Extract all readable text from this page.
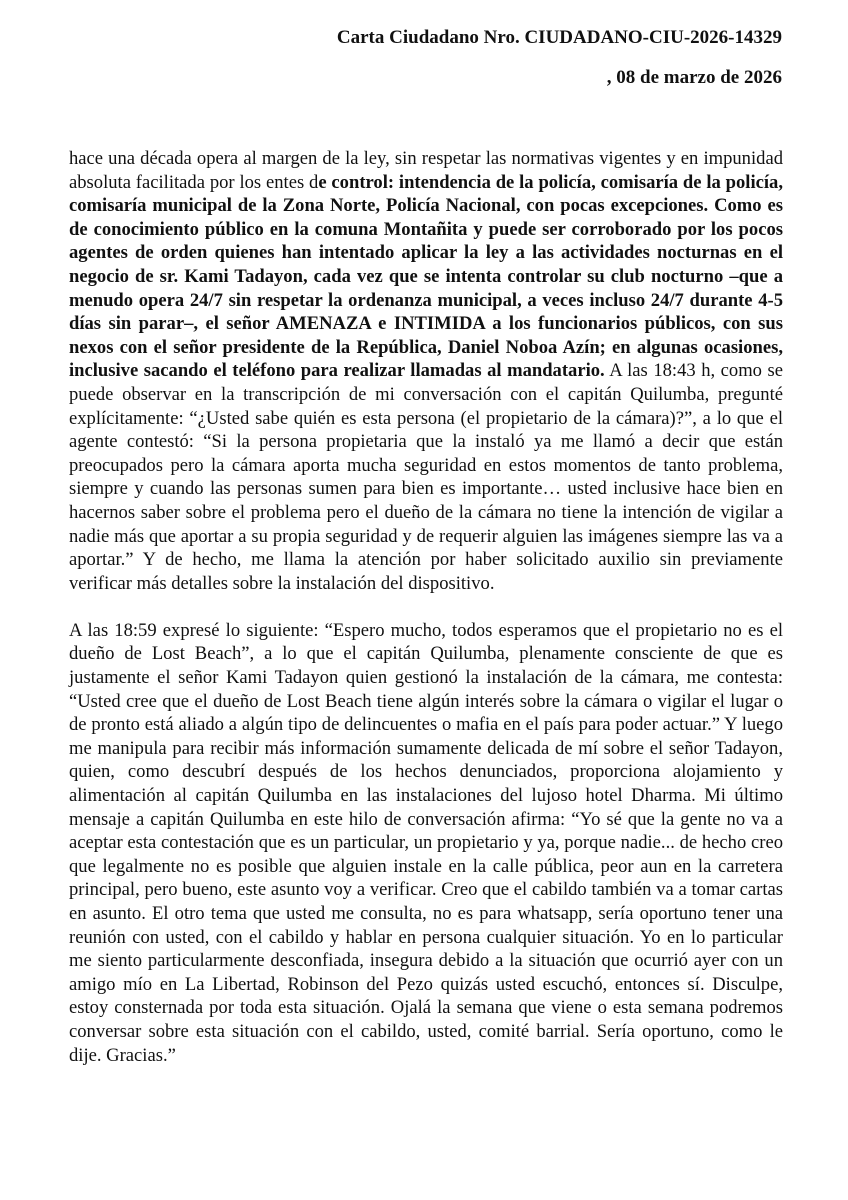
Carta Ciudadano Nro. CIUDADANO-CIU-2026-14329
, 08 de marzo de 2026

hace una década opera al margen de la ley, sin respetar las normativas vigentes y en impunidad absoluta facilitada por los entes de control: intendencia de la policía, comisaría de la policía, comisaría municipal de la Zona Norte, Policía Nacional, con pocas excepciones. Como es de conocimiento público en la comuna Montañita y puede ser corroborado por los pocos agentes de orden quienes han intentado aplicar la ley a las actividades nocturnas en el negocio de sr. Kami Tadayon, cada vez que se intenta controlar su club nocturno –que a menudo opera 24/7 sin respetar la ordenanza municipal, a veces incluso 24/7 durante 4-5 días sin parar–, el señor AMENAZA e INTIMIDA a los funcionarios públicos, con sus nexos con el señor presidente de la República, Daniel Noboa Azín; en algunas ocasiones, inclusive sacando el teléfono para realizar llamadas al mandatario. A las 18:43 h, como se puede observar en la transcripción de mi conversación con el capitán Quilumba, pregunté explícitamente: “¿Usted sabe quién es esta persona (el propietario de la cámara)?”, a lo que el agente contestó: “Si la persona propietaria que la instaló ya me llamó a decir que están preocupados pero la cámara aporta mucha seguridad en estos momentos de tanto problema, siempre y cuando las personas sumen para bien es importante… usted inclusive hace bien en hacernos saber sobre el problema pero el dueño de la cámara no tiene la intención de vigilar a nadie más que aportar a su propia seguridad y de requerir alguien las imágenes siempre las va a aportar.” Y de hecho, me llama la atención por haber solicitado auxilio sin previamente verificar más detalles sobre la instalación del dispositivo.

A las 18:59 expresé lo siguiente: “Espero mucho, todos esperamos que el propietario no es el dueño de Lost Beach”, a lo que el capitán Quilumba, plenamente consciente de que es justamente el señor Kami Tadayon quien gestionó la instalación de la cámara, me contesta: “Usted cree que el dueño de Lost Beach tiene algún interés sobre la cámara o vigilar el lugar o de pronto está aliado a algún tipo de delincuentes o mafia en el país para poder actuar.” Y luego me manipula para recibir más información sumamente delicada de mí sobre el señor Tadayon, quien, como descubrí después de los hechos denunciados, proporciona alojamiento y alimentación al capitán Quilumba en las instalaciones del lujoso hotel Dharma. Mi último mensaje a capitán Quilumba en este hilo de conversación afirma: “Yo sé que la gente no va a aceptar esta contestación que es un particular, un propietario y ya, porque nadie... de hecho creo que legalmente no es posible que alguien instale en la calle pública, peor aun en la carretera principal, pero bueno, este asunto voy a verificar. Creo que el cabildo también va a tomar cartas en asunto. El otro tema que usted me consulta, no es para whatsapp, sería oportuno tener una reunión con usted, con el cabildo y hablar en persona cualquier situación. Yo en lo particular me siento particularmente desconfiada, insegura debido a la situación que ocurrió ayer con un amigo mío en La Libertad, Robinson del Pezo quizás usted escuchó, entonces sí. Disculpe, estoy consternada por toda esta situación. Ojalá la semana que viene o esta semana podremos conversar sobre esta situación con el cabildo, usted, comité barrial. Sería oportuno, como le dije. Gracias.”
